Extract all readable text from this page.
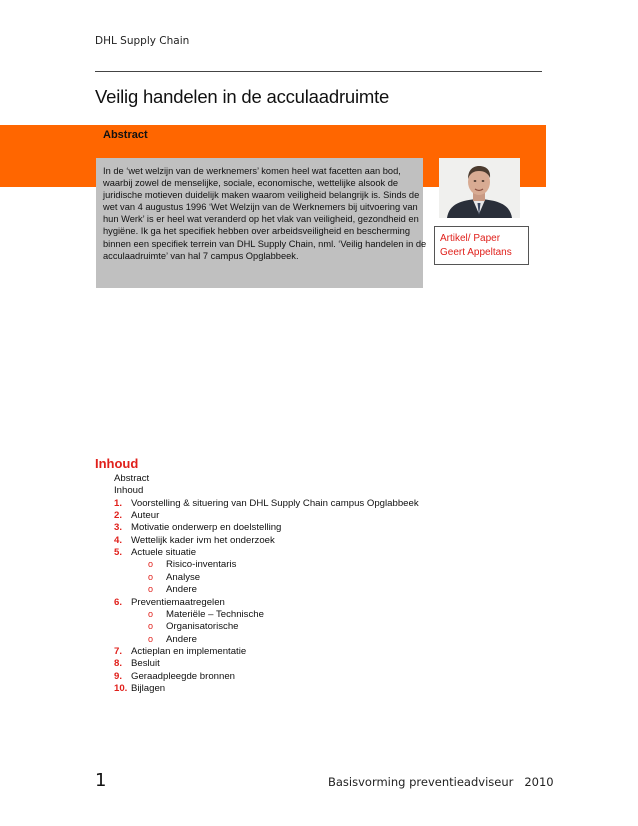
DHL Supply Chain
Veilig handelen in de acculaadruimte
Abstract
In de ‘wet welzijn van de werknemers’ komen heel wat facetten aan bod,
waarbij zowel de menselijke, sociale, economische, wettelijke alsook de
juridische motieven duidelijk maken waarom veiligheid belangrijk is. Sinds de
wet van 4 augustus 1996 ‘Wet Welzijn van de Werknemers bij uitvoering van
hun Werk’ is er heel wat veranderd op het vlak van veiligheid, gezondheid en
hygiëne. Ik ga het specifiek hebben over arbeidsveiligheid en bescherming
binnen een specifiek terrein van DHL Supply Chain, nml. ‘Veilig handelen in de
acculaadruimte’ van hal 7 campus Opglabbeek.
Artikel/ Paper
Geert Appeltans
Inhoud
Abstract
Inhoud
1. Voorstelling & situering van DHL Supply Chain campus Opglabbeek
2. Auteur
3. Motivatie onderwerp en doelstelling
4. Wettelijk kader ivm het onderzoek
5. Actuele situatie
o Risico-inventaris
o Analyse
o Andere
6. Preventiemaatregelen
o Materiële – Technische
o Organisatorische
o Andere
7. Actieplan en implementatie
8. Besluit
9. Geraadpleegde bronnen
10. Bijlagen
1	Basisvorming preventieadviseur 2010
